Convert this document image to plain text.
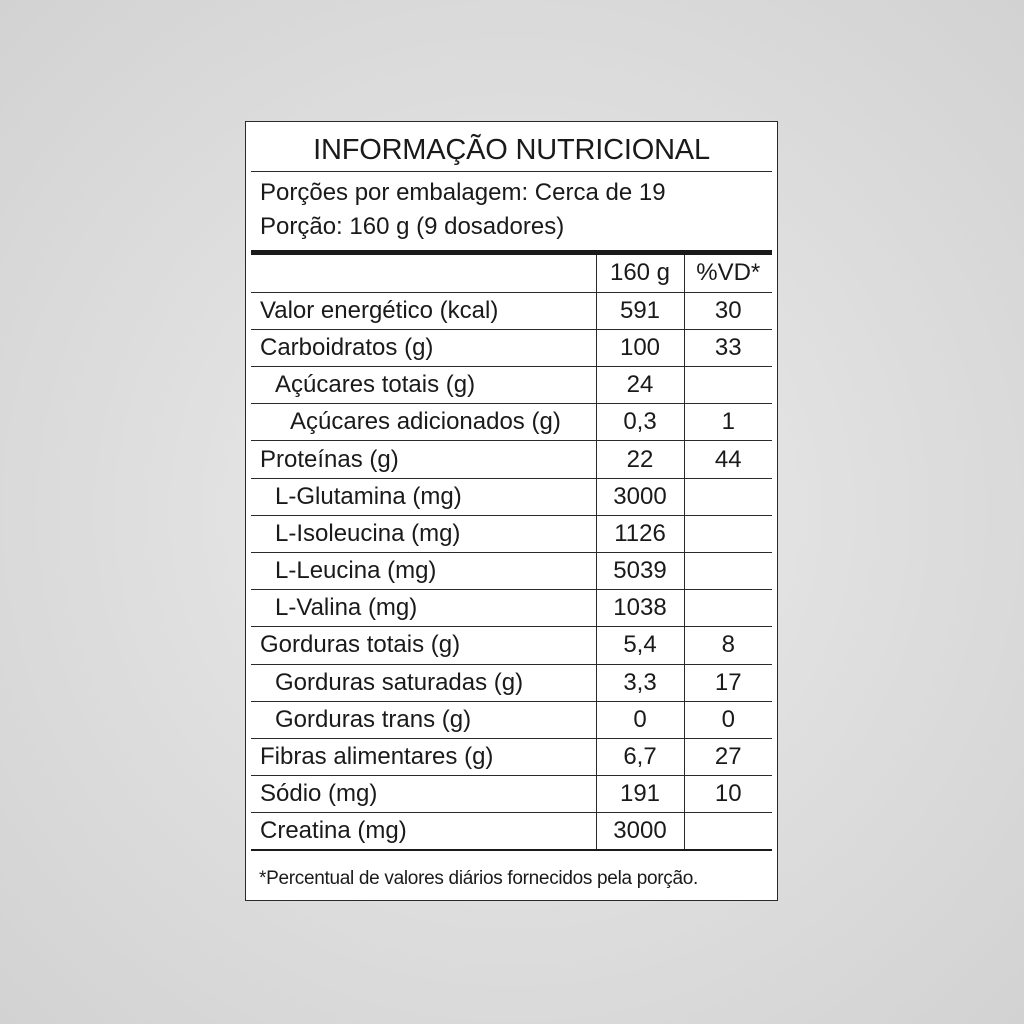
INFORMAÇÃO NUTRICIONAL
Porções por embalagem: Cerca de 19
Porção: 160 g (9 dosadores)
	160 g	%VD*
Valor energético (kcal)	591	30
Carboidratos (g)	100	33
Açúcares totais (g)	24	
Açúcares adicionados (g)	0,3	1
Proteínas (g)	22	44
L-Glutamina (mg)	3000	
L-Isoleucina (mg)	1126	
L-Leucina (mg)	5039	
L-Valina (mg)	1038	
Gorduras totais (g)	5,4	8
Gorduras saturadas (g)	3,3	17
Gorduras trans (g)	0	0
Fibras alimentares (g)	6,7	27
Sódio (mg)	191	10
Creatina (mg)	3000	
*Percentual de valores diários fornecidos pela porção.
